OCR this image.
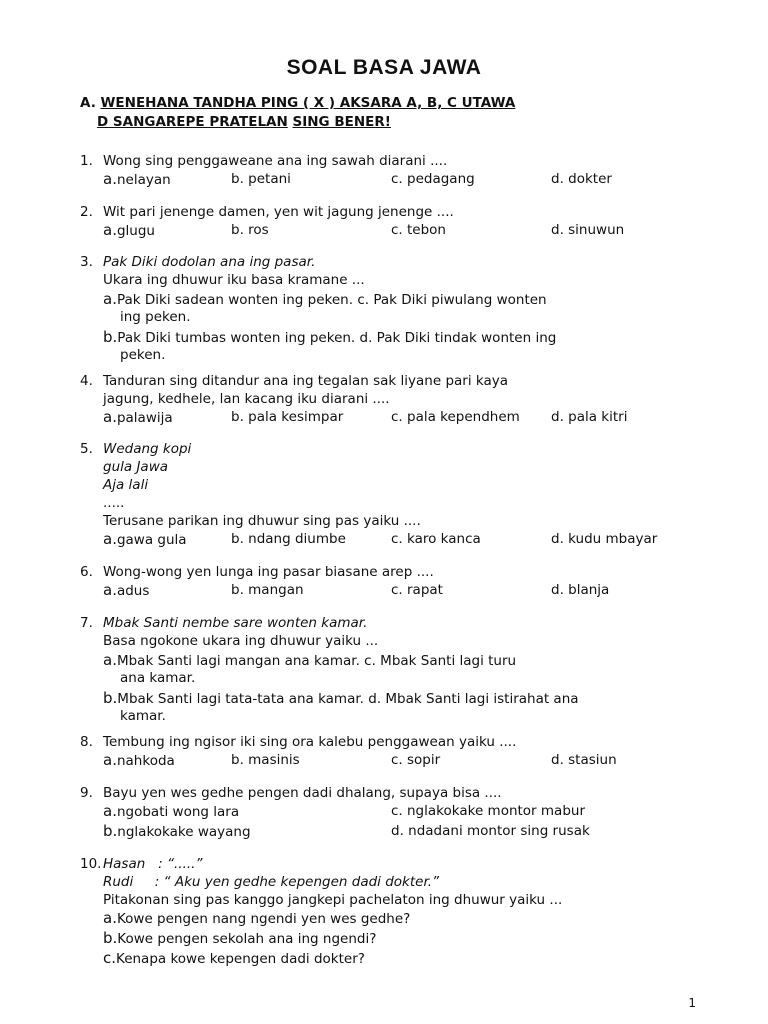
SOAL BASA JAWA
A. WENEHANA TANDHA PING ( X ) AKSARA A, B, C UTAWA
D SANGAREPE PRATELAN SING BENER!
1. Wong sing penggaweane ana ing sawah diarani ....
a.nelayan	b. petani	c. pedagang	d. dokter
2. Wit pari jenenge damen, yen wit jagung jenenge ....
a.glugu	b. ros	c. tebon	d. sinuwun
3. Pak Diki dodolan ana ing pasar.
Ukara ing dhuwur iku basa kramane ...
a.Pak Diki sadean wonten ing peken. c. Pak Diki piwulang wonten
ing peken.
b.Pak Diki tumbas wonten ing peken. d. Pak Diki tindak wonten ing
peken.
4. Tanduran sing ditandur ana ing tegalan sak liyane pari kaya
jagung, kedhele, lan kacang iku diarani ....
a.palawija	b. pala kesimpar	c. pala kependhem d. pala kitri
5. Wedang kopi
gula Jawa
Aja lali
.....
Terusane parikan ing dhuwur sing pas yaiku ....
a.gawa gula	b. ndang diumbe	c. karo kanca	d. kudu mbayar
6. Wong-wong yen lunga ing pasar biasane arep ....
a.adus	b. mangan	c. rapat	d. blanja
7. Mbak Santi nembe sare wonten kamar.
Basa ngokone ukara ing dhuwur yaiku ...
a.Mbak Santi lagi mangan ana kamar. c. Mbak Santi lagi turu
ana kamar.
b.Mbak Santi lagi tata-tata ana kamar. d. Mbak Santi lagi istirahat ana
kamar.
8. Tembung ing ngisor iki sing ora kalebu penggawean yaiku ....
a.nahkoda	b. masinis	c. sopir	d. stasiun
9. Bayu yen wes gedhe pengen dadi dhalang, supaya bisa ....
a.ngobati wong lara	c. nglakokake montor mabur
b.nglakokake wayang	d. ndadani montor sing rusak
10. Hasan   : “.....”
Rudi     : “ Aku yen gedhe kepengen dadi dokter.”
Pitakonan sing pas kanggo jangkepi pachelaton ing dhuwur yaiku ...
a.Kowe pengen nang ngendi yen wes gedhe?
b.Kowe pengen sekolah ana ing ngendi?
c.Kenapa kowe kepengen dadi dokter?
1
